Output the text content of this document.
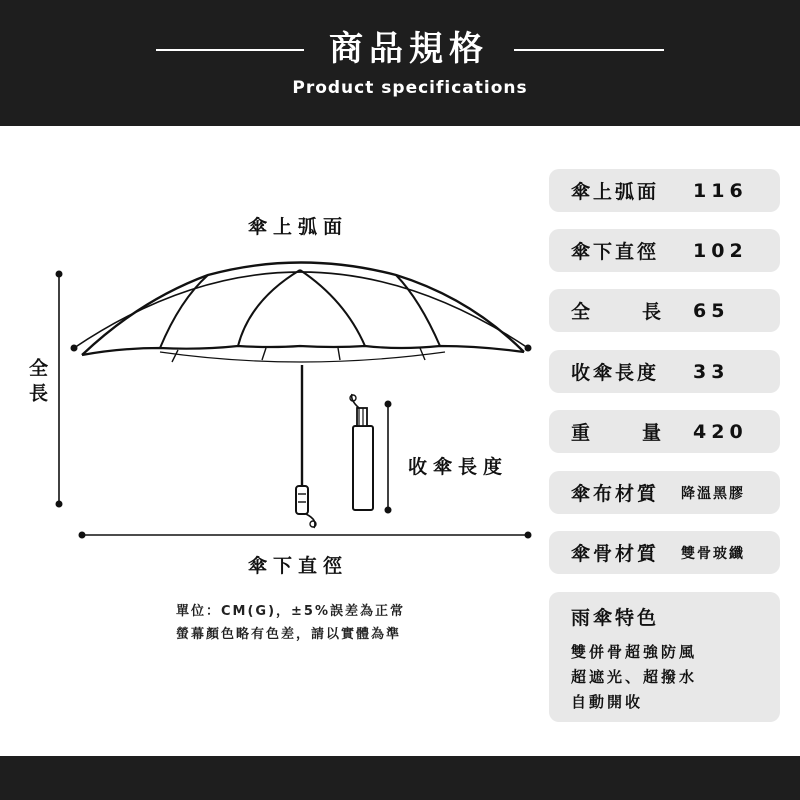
商品規格
Product specifications
傘上弧面
全長
收傘長度
傘下直徑
單位：CM(G)，±5%誤差為正常
螢幕顏色略有色差，請以實體為準
傘上弧面 116
傘下直徑 102
全	長 65
收傘長度 33
重	量 420
傘布材質 降溫黑膠
傘骨材質 雙骨玻纖
雨傘特色
雙併骨超強防風
超遮光、超撥水
自動開收
